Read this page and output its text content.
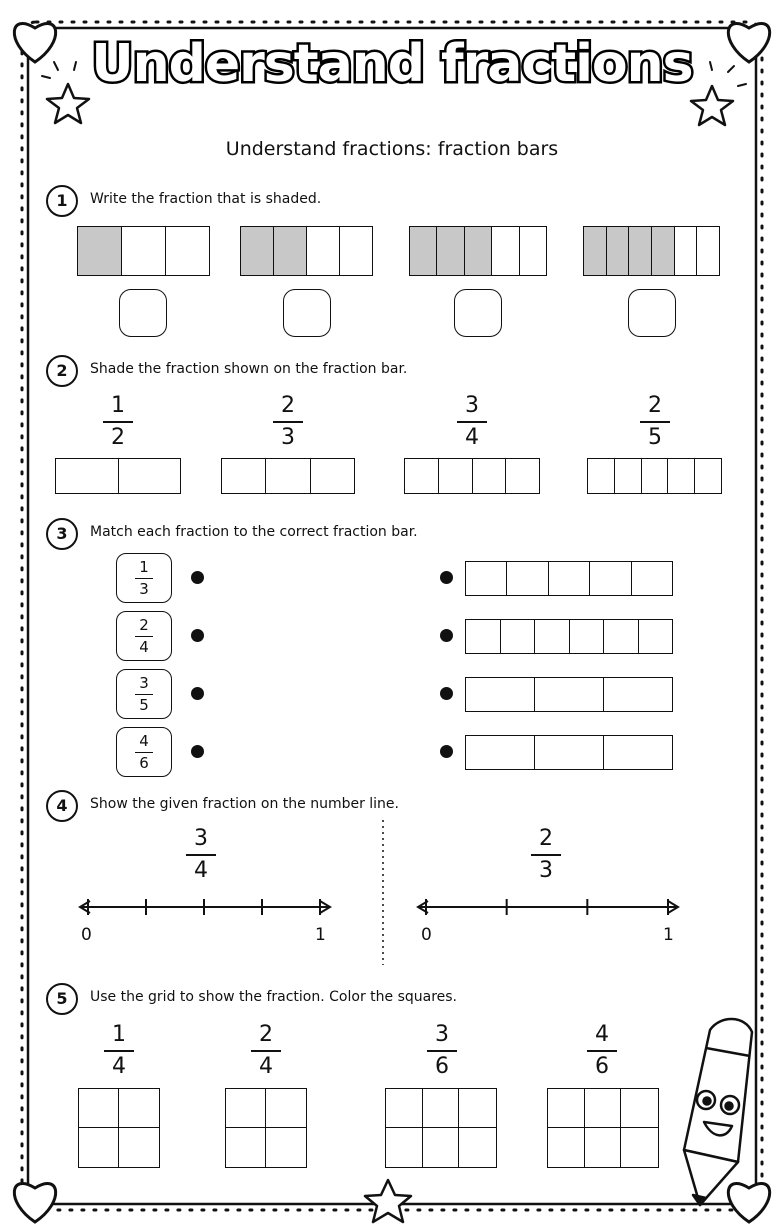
Understand fractions
Understand fractions: fraction bars
1	Write the fraction that is shaded.
2	Shade the fraction shown on the fraction bar.
3	Match each fraction to the correct fraction bar.
4	Show the given fraction on the number line.
5	Use the grid to show the fraction. Color the squares.
1
2
2
3
3
4
2
5
1
3
2
4
3
5
4
6
3
4
2
3
0	1	0	1
1
4
2
4
3
6
4
6
